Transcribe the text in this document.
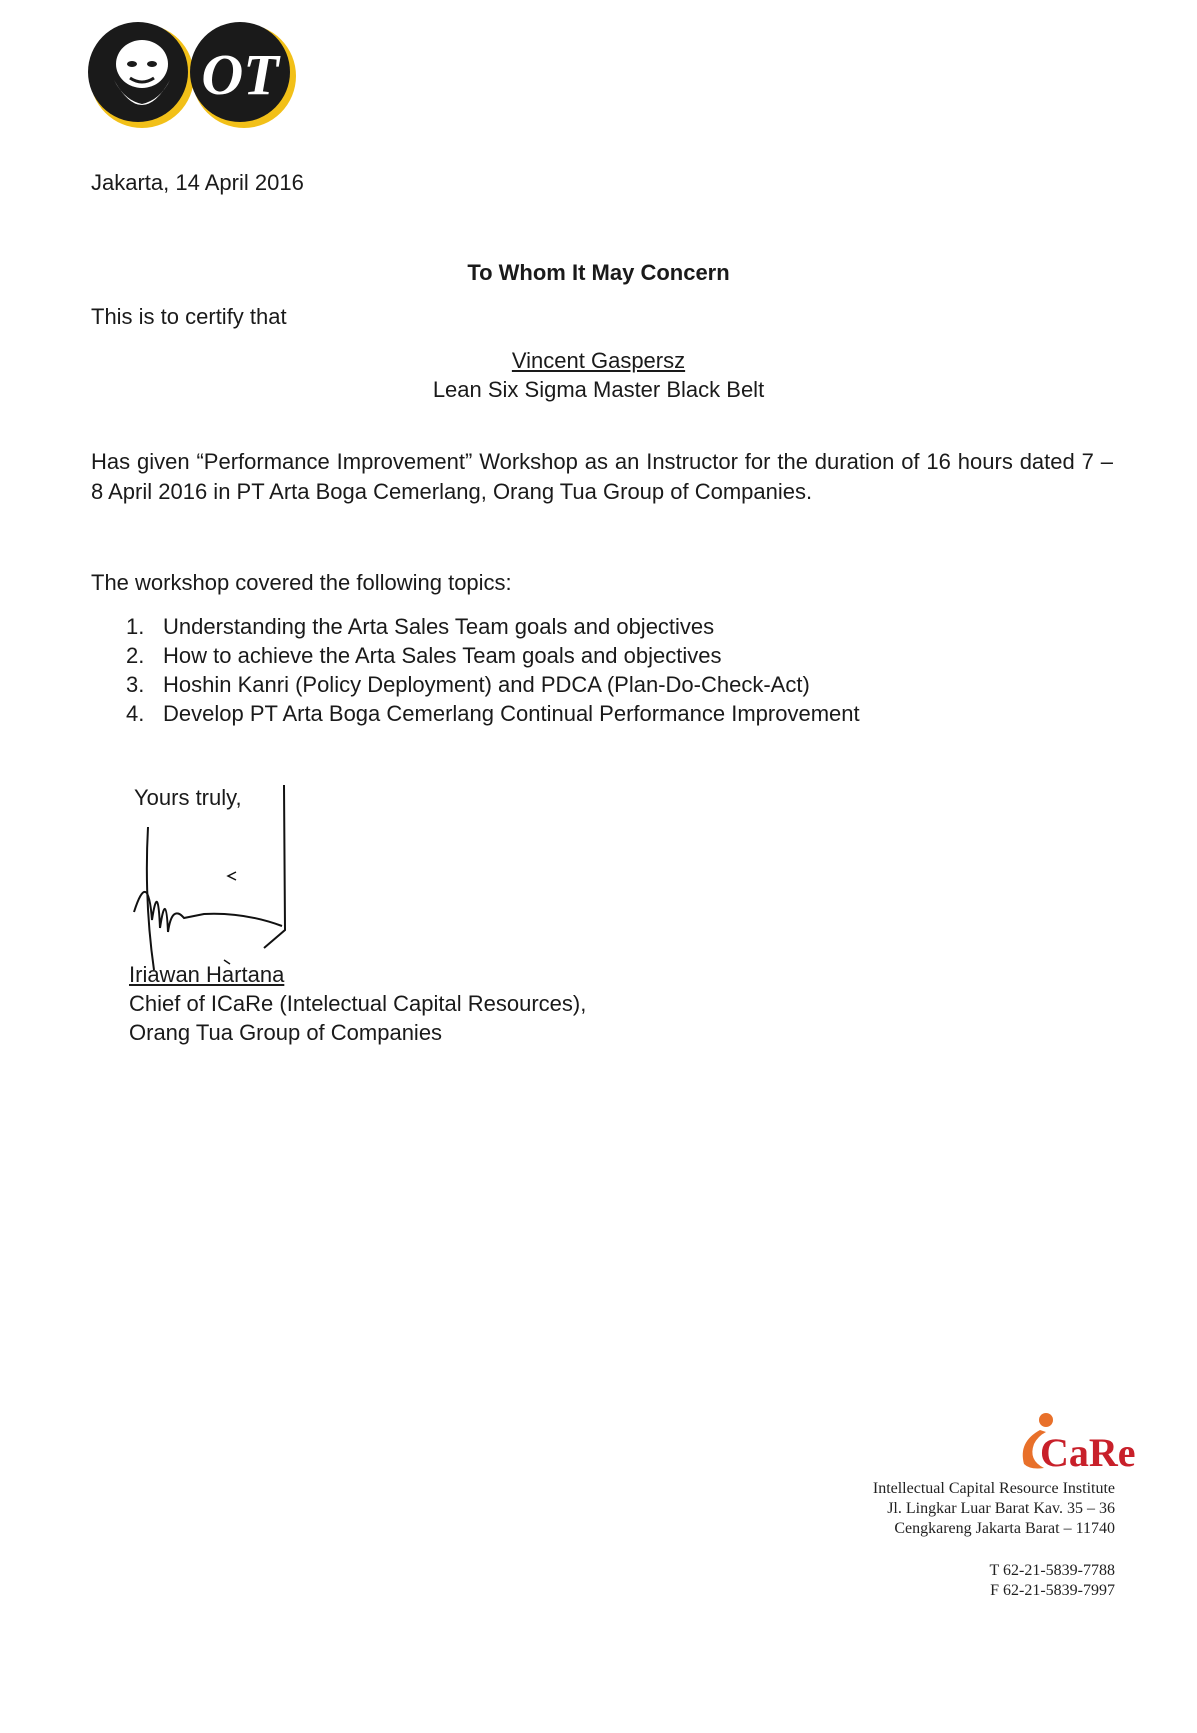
OT
Jakarta, 14 April 2016
To Whom It May Concern
This is to certify that
Vincent Gaspersz
Lean Six Sigma Master Black Belt
Has given “Performance Improvement” Workshop as an Instructor for the duration of 16 hours dated 7 – 8 April 2016 in PT Arta Boga Cemerlang, Orang Tua Group of Companies.
The workshop covered the following topics:
1. Understanding the Arta Sales Team goals and objectives
2. How to achieve the Arta Sales Team goals and objectives
3. Hoshin Kanri (Policy Deployment) and PDCA (Plan-Do-Check-Act)
4. Develop PT Arta Boga Cemerlang Continual Performance Improvement
Yours truly,
Iriawan Hartana
Chief of ICaRe (Intelectual Capital Resources),
Orang Tua Group of Companies
CaRe
Intellectual Capital Resource Institute
Jl. Lingkar Luar Barat Kav. 35 – 36
Cengkareng Jakarta Barat – 11740
T 62-21-5839-7788
F 62-21-5839-7997
